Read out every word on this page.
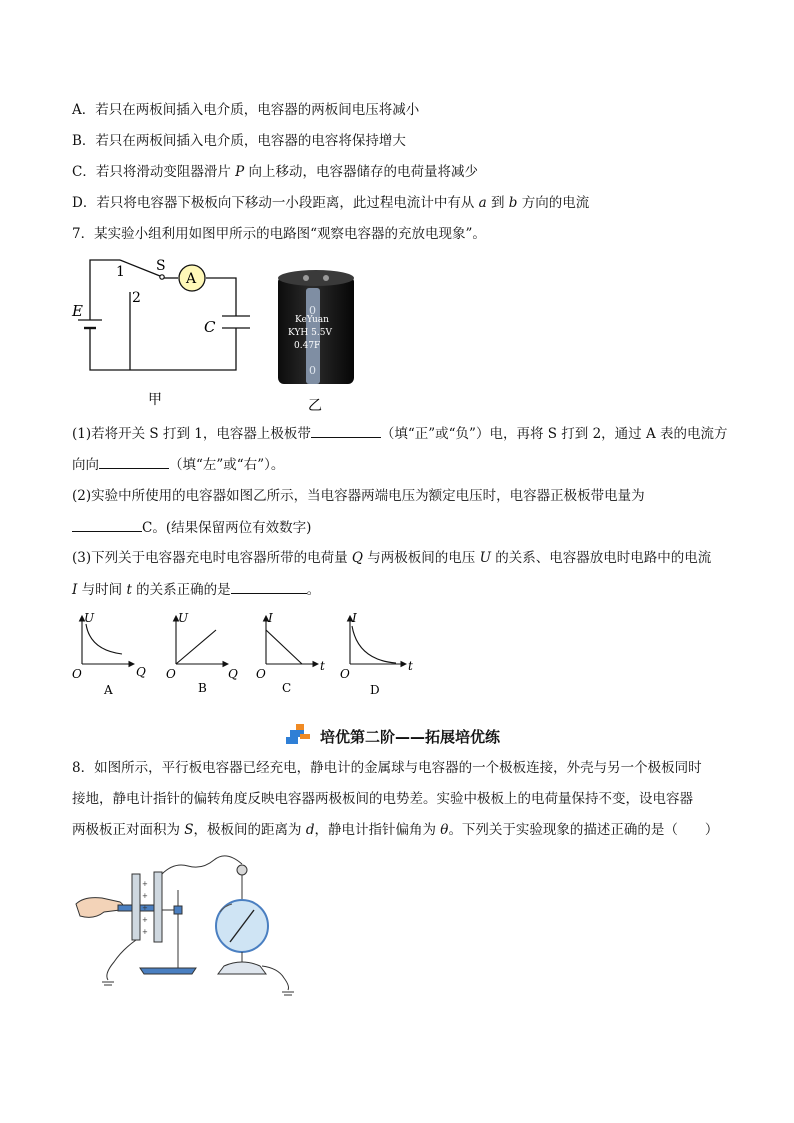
A．若只在两板间插入电介质，电容器的两板间电压将减小
B．若只在两板间插入电介质，电容器的电容将保持增大
C．若只将滑动变阻器滑片 P 向上移动，电容器储存的电荷量将减少
D．若只将电容器下极板向下移动一小段距离，此过程电流计中有从 a 到 b 方向的电流
7．某实验小组利用如图甲所示的电路图“观察电容器的充放电现象”。
A
1
2
S
E
C
甲
0
0
KeYuan
KYH 5.5V
0.47F
乙
(1)若将开关 S 打到 1，电容器上极板带	（填“正”或“负”）电，再将 S 打到 2，通过 A 表的电流方
向向	（填“左”或“右”）。
(2)实验中所使用的电容器如图乙所示，当电容器两端电压为额定电压时，电容器正极板带电量为
C。(结果保留两位有效数字)
(3)下列关于电容器充电时电容器所带的电荷量 Q 与两极板间的电压 U 的关系、电容器放电时电路中的电流
I 与时间 t 的关系正确的是	。
U
Q
O
U
Q
O
I
t
O
I
t
O
A	B	C	D
培优第二阶——拓展培优练
8．如图所示，平行板电容器已经充电，静电计的金属球与电容器的一个极板连接，外壳与另一个极板同时
接地，静电计指针的偏转角度反映电容器两极板间的电势差。实验中极板上的电荷量保持不变，设电容器
两极板正对面积为 S，极板间的距离为 d，静电计指针偏角为 θ。下列关于实验现象的描述正确的是（　　）
+
+
+
+
+
